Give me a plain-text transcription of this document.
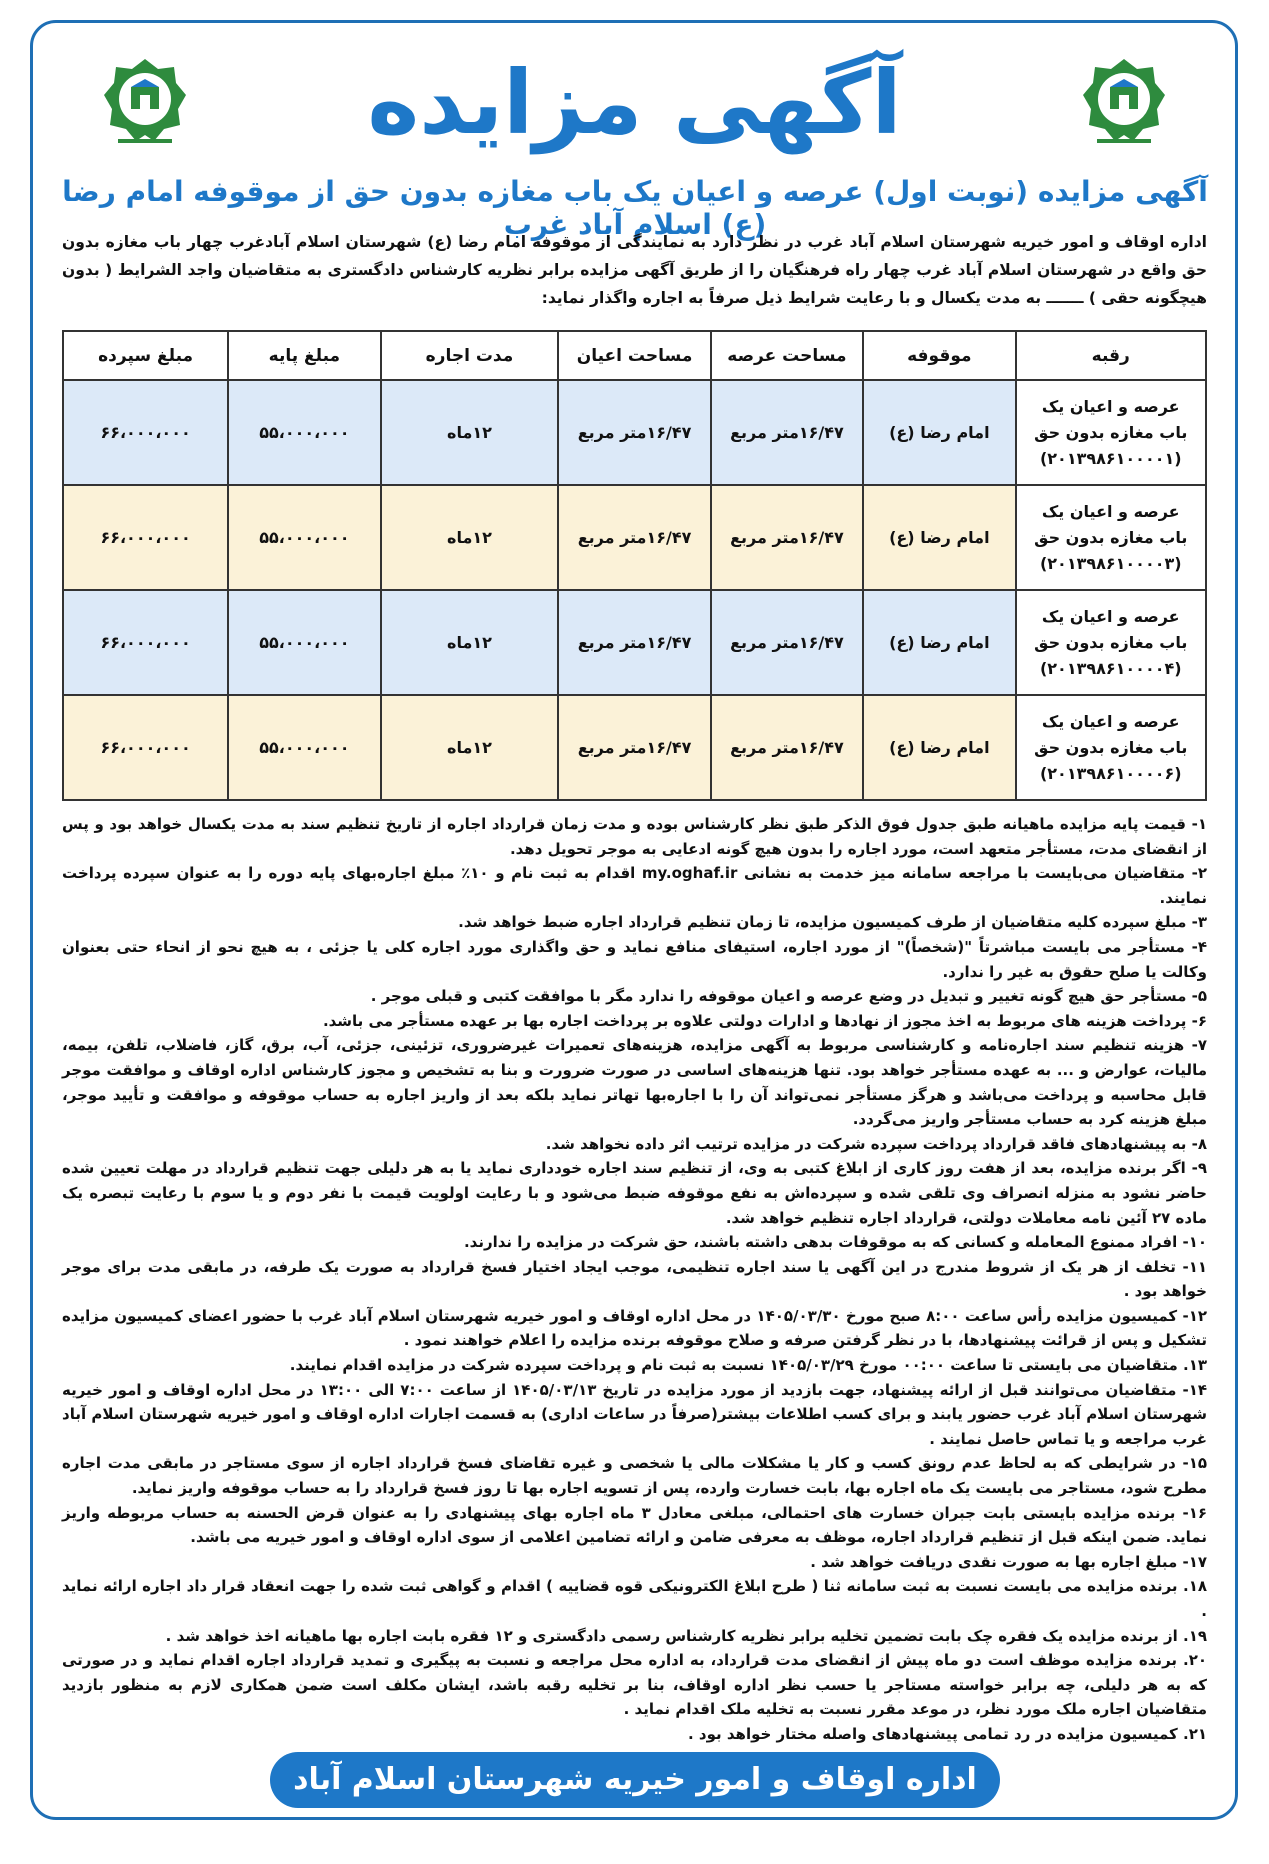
آگهی مزایده
آگهی مزایده (نوبت اول) عرصه و اعیان یک باب مغازه بدون حق از موقوفه امام رضا (ع) اسلام آباد غرب
اداره اوقاف و امور خیریه شهرستان اسلام آباد غرب در نظر دارد به نمایندگی از موقوفه امام رضا (ع) شهرستان اسلام آبادغرب چهار باب مغازه بدون حق واقع در شهرستان اسلام آباد غرب چهار راه فرهنگیان را از طریق آگهی مزایده برابر نظریه کارشناس دادگستری به متقاضیان واجد الشرایط ( بدون هیچگونه حقی ) ـــــــ به مدت یکسال و با رعایت شرایط ذیل صرفاً به اجاره واگذار نماید:
رقبه	موقوفه	مساحت عرصه	مساحت اعیان	مدت اجاره	مبلغ پایه	مبلغ سپرده

عرصه و اعیان یک
باب مغازه بدون حق
(۲۰۱۳۹۸۶۱۰۰۰۰۱)	امام رضا (ع)	۱۶/۴۷متر مربع	۱۶/۴۷متر مربع	۱۲ماه	۵۵،۰۰۰،۰۰۰	۶۶،۰۰۰،۰۰۰

عرصه و اعیان یک
باب مغازه بدون حق
(۲۰۱۳۹۸۶۱۰۰۰۰۳)	امام رضا (ع)	۱۶/۴۷متر مربع	۱۶/۴۷متر مربع	۱۲ماه	۵۵،۰۰۰،۰۰۰	۶۶،۰۰۰،۰۰۰

عرصه و اعیان یک
باب مغازه بدون حق
(۲۰۱۳۹۸۶۱۰۰۰۰۴)	امام رضا (ع)	۱۶/۴۷متر مربع	۱۶/۴۷متر مربع	۱۲ماه	۵۵،۰۰۰،۰۰۰	۶۶،۰۰۰،۰۰۰

عرصه و اعیان یک
باب مغازه بدون حق
(۲۰۱۳۹۸۶۱۰۰۰۰۶)	امام رضا (ع)	۱۶/۴۷متر مربع	۱۶/۴۷متر مربع	۱۲ماه	۵۵،۰۰۰،۰۰۰	۶۶،۰۰۰،۰۰۰

۱- قیمت پایه مزایده ماهیانه طبق جدول فوق الذکر طبق نظر کارشناس بوده و مدت زمان قرارداد اجاره از تاریخ تنظیم سند به مدت یکسال خواهد بود و پس از انقضای مدت، مستأجر متعهد است، مورد اجاره را بدون هیچ گونه ادعایی به موجر تحویل دهد.

۲- متقاضیان می‌بایست با مراجعه سامانه میز خدمت به نشانی my.oghaf.ir اقدام به ثبت نام و ۱۰٪ مبلغ اجاره‌بهای پایه دوره را به عنوان سپرده پرداخت نمایند.

۳- مبلغ سپرده کلیه متقاضیان از طرف کمیسیون مزایده، تا زمان تنظیم قرارداد اجاره ضبط خواهد شد.

۴- مستأجر می بایست مباشرتاً "(شخصاً)" از مورد اجاره، استیفای منافع نماید و حق واگذاری مورد اجاره کلی یا جزئی ، به هیچ نحو از انحاء حتی بعنوان وکالت یا صلح حقوق به غیر را ندارد.

۵- مستأجر حق هیچ گونه تغییر و تبدیل در وضع عرصه و اعیان موقوفه را ندارد مگر با موافقت کتبی و قبلی موجر .

۶- پرداخت هزینه های مربوط به اخذ مجوز از نهادها و ادارات دولتی علاوه بر پرداخت اجاره بها بر عهده مستأجر می باشد.

۷- هزینه تنظیم سند اجاره‌نامه و کارشناسی مربوط به آگهی مزایده، هزینه‌های تعمیرات غیرضروری، تزئینی، جزئی، آب، برق، گاز، فاضلاب، تلفن، بیمه، مالیات، عوارض و ... به عهده مستأجر خواهد بود. تنها هزینه‌های اساسی در صورت ضرورت و بنا به تشخیص و مجوز کارشناس اداره اوقاف و موافقت موجر قابل محاسبه و پرداخت می‌باشد و هرگز مستأجر نمی‌تواند آن را با اجاره‌بها تهاتر نماید بلکه بعد از واریز اجاره به حساب موقوفه و موافقت و تأیید موجر، مبلغ هزینه کرد به حساب مستأجر واریز می‌گردد.

۸- به پیشنهادهای فاقد قرارداد پرداخت سپرده شرکت در مزایده ترتیب اثر داده نخواهد شد.

۹- اگر برنده مزایده، بعد از هفت روز کاری از ابلاغ کتبی به وی، از تنظیم سند اجاره خودداری نماید یا به هر دلیلی جهت تنظیم قرارداد در مهلت تعیین شده حاضر نشود به منزله انصراف وی تلقی شده و سپرده‌اش به نفع موقوفه ضبط می‌شود و با رعایت اولویت قیمت با نفر دوم و یا سوم با رعایت تبصره یک ماده ۲۷ آئین نامه معاملات دولتی، قرارداد اجاره تنظیم خواهد شد.

۱۰- افراد ممنوع المعامله و کسانی که به موقوفات بدهی داشته باشند، حق شرکت در مزایده را ندارند.

۱۱- تخلف از هر یک از شروط مندرج در این آگهی یا سند اجاره تنظیمی، موجب ایجاد اختیار فسخ قرارداد به صورت یک طرفه، در مابقی مدت برای موجر خواهد بود .

۱۲- کمیسیون مزایده رأس ساعت ۸:۰۰ صبح مورخ ۱۴۰۵/۰۳/۳۰ در محل اداره اوقاف و امور خیریه شهرستان اسلام آباد غرب با حضور اعضای کمیسیون مزایده تشکیل و پس از قرائت پیشنهادها، با در نظر گرفتن صرفه و صلاح موقوفه برنده مزایده را اعلام خواهند نمود .

۱۳. متقاضیان می بایستی تا ساعت ۰۰:۰۰ مورخ ۱۴۰۵/۰۳/۲۹ نسبت به ثبت نام و پرداخت سپرده شرکت در مزایده اقدام نمایند.

۱۴- متقاضیان می‌توانند قبل از ارائه پیشنهاد، جهت بازدید از مورد مزایده در تاریخ ۱۴۰۵/۰۳/۱۳ از ساعت ۷:۰۰ الی ۱۳:۰۰ در محل اداره اوقاف و امور خیریه شهرستان اسلام آباد غرب حضور یابند و برای کسب اطلاعات بیشتر(صرفاً در ساعات اداری) به قسمت اجارات اداره اوقاف و امور خیریه شهرستان اسلام آباد غرب مراجعه و یا تماس حاصل نمایند .

۱۵- در شرایطی که به لحاظ عدم رونق کسب و کار یا مشکلات مالی یا شخصی و غیره تقاضای فسخ قرارداد اجاره از سوی مستاجر در مابقی مدت اجاره مطرح شود، مستاجر می بایست یک ماه اجاره بها، بابت خسارت وارده، پس از تسویه اجاره بها تا روز فسخ قرارداد را به حساب موقوفه واریز نماید.

۱۶- برنده مزایده بایستی بابت جبران خسارت های احتمالی، مبلغی معادل ۳ ماه اجاره بهای پیشنهادی را به عنوان قرض الحسنه به حساب مربوطه واریز نماید. ضمن اینکه قبل از تنظیم قرارداد اجاره، موظف به معرفی ضامن و ارائه تضامین اعلامی از سوی اداره اوقاف و امور خیریه می باشد.

۱۷- مبلغ اجاره بها به صورت نقدی دریافت خواهد شد .

۱۸. برنده مزایده می بایست نسبت به ثبت سامانه ثنا ( طرح ابلاغ الکترونیکی قوه قضاییه ) اقدام و گواهی ثبت شده را جهت انعقاد قرار داد اجاره ارائه نماید .

۱۹. از برنده مزایده یک فقره چک بابت تضمین تخلیه برابر نظریه کارشناس رسمی دادگستری و ۱۲ فقره بابت اجاره بها ماهیانه اخذ خواهد شد .

۲۰. برنده مزایده موظف است دو ماه پیش از انقضای مدت قرارداد، به اداره محل مراجعه و نسبت به پیگیری و تمدید قرارداد اجاره اقدام نماید و در صورتی که به هر دلیلی، چه برابر خواسته مستاجر یا حسب نظر اداره اوقاف، بنا بر تخلیه رقبه باشد، ایشان مکلف است ضمن همکاری لازم به منظور بازدید متقاضیان اجاره ملک مورد نظر، در موعد مقرر نسبت به تخلیه ملک اقدام نماید .

۲۱. کمیسیون مزایده در رد تمامی پیشنهادهای واصله مختار خواهد بود .

اداره اوقاف و امور خیریه شهرستان اسلام آباد غرب
